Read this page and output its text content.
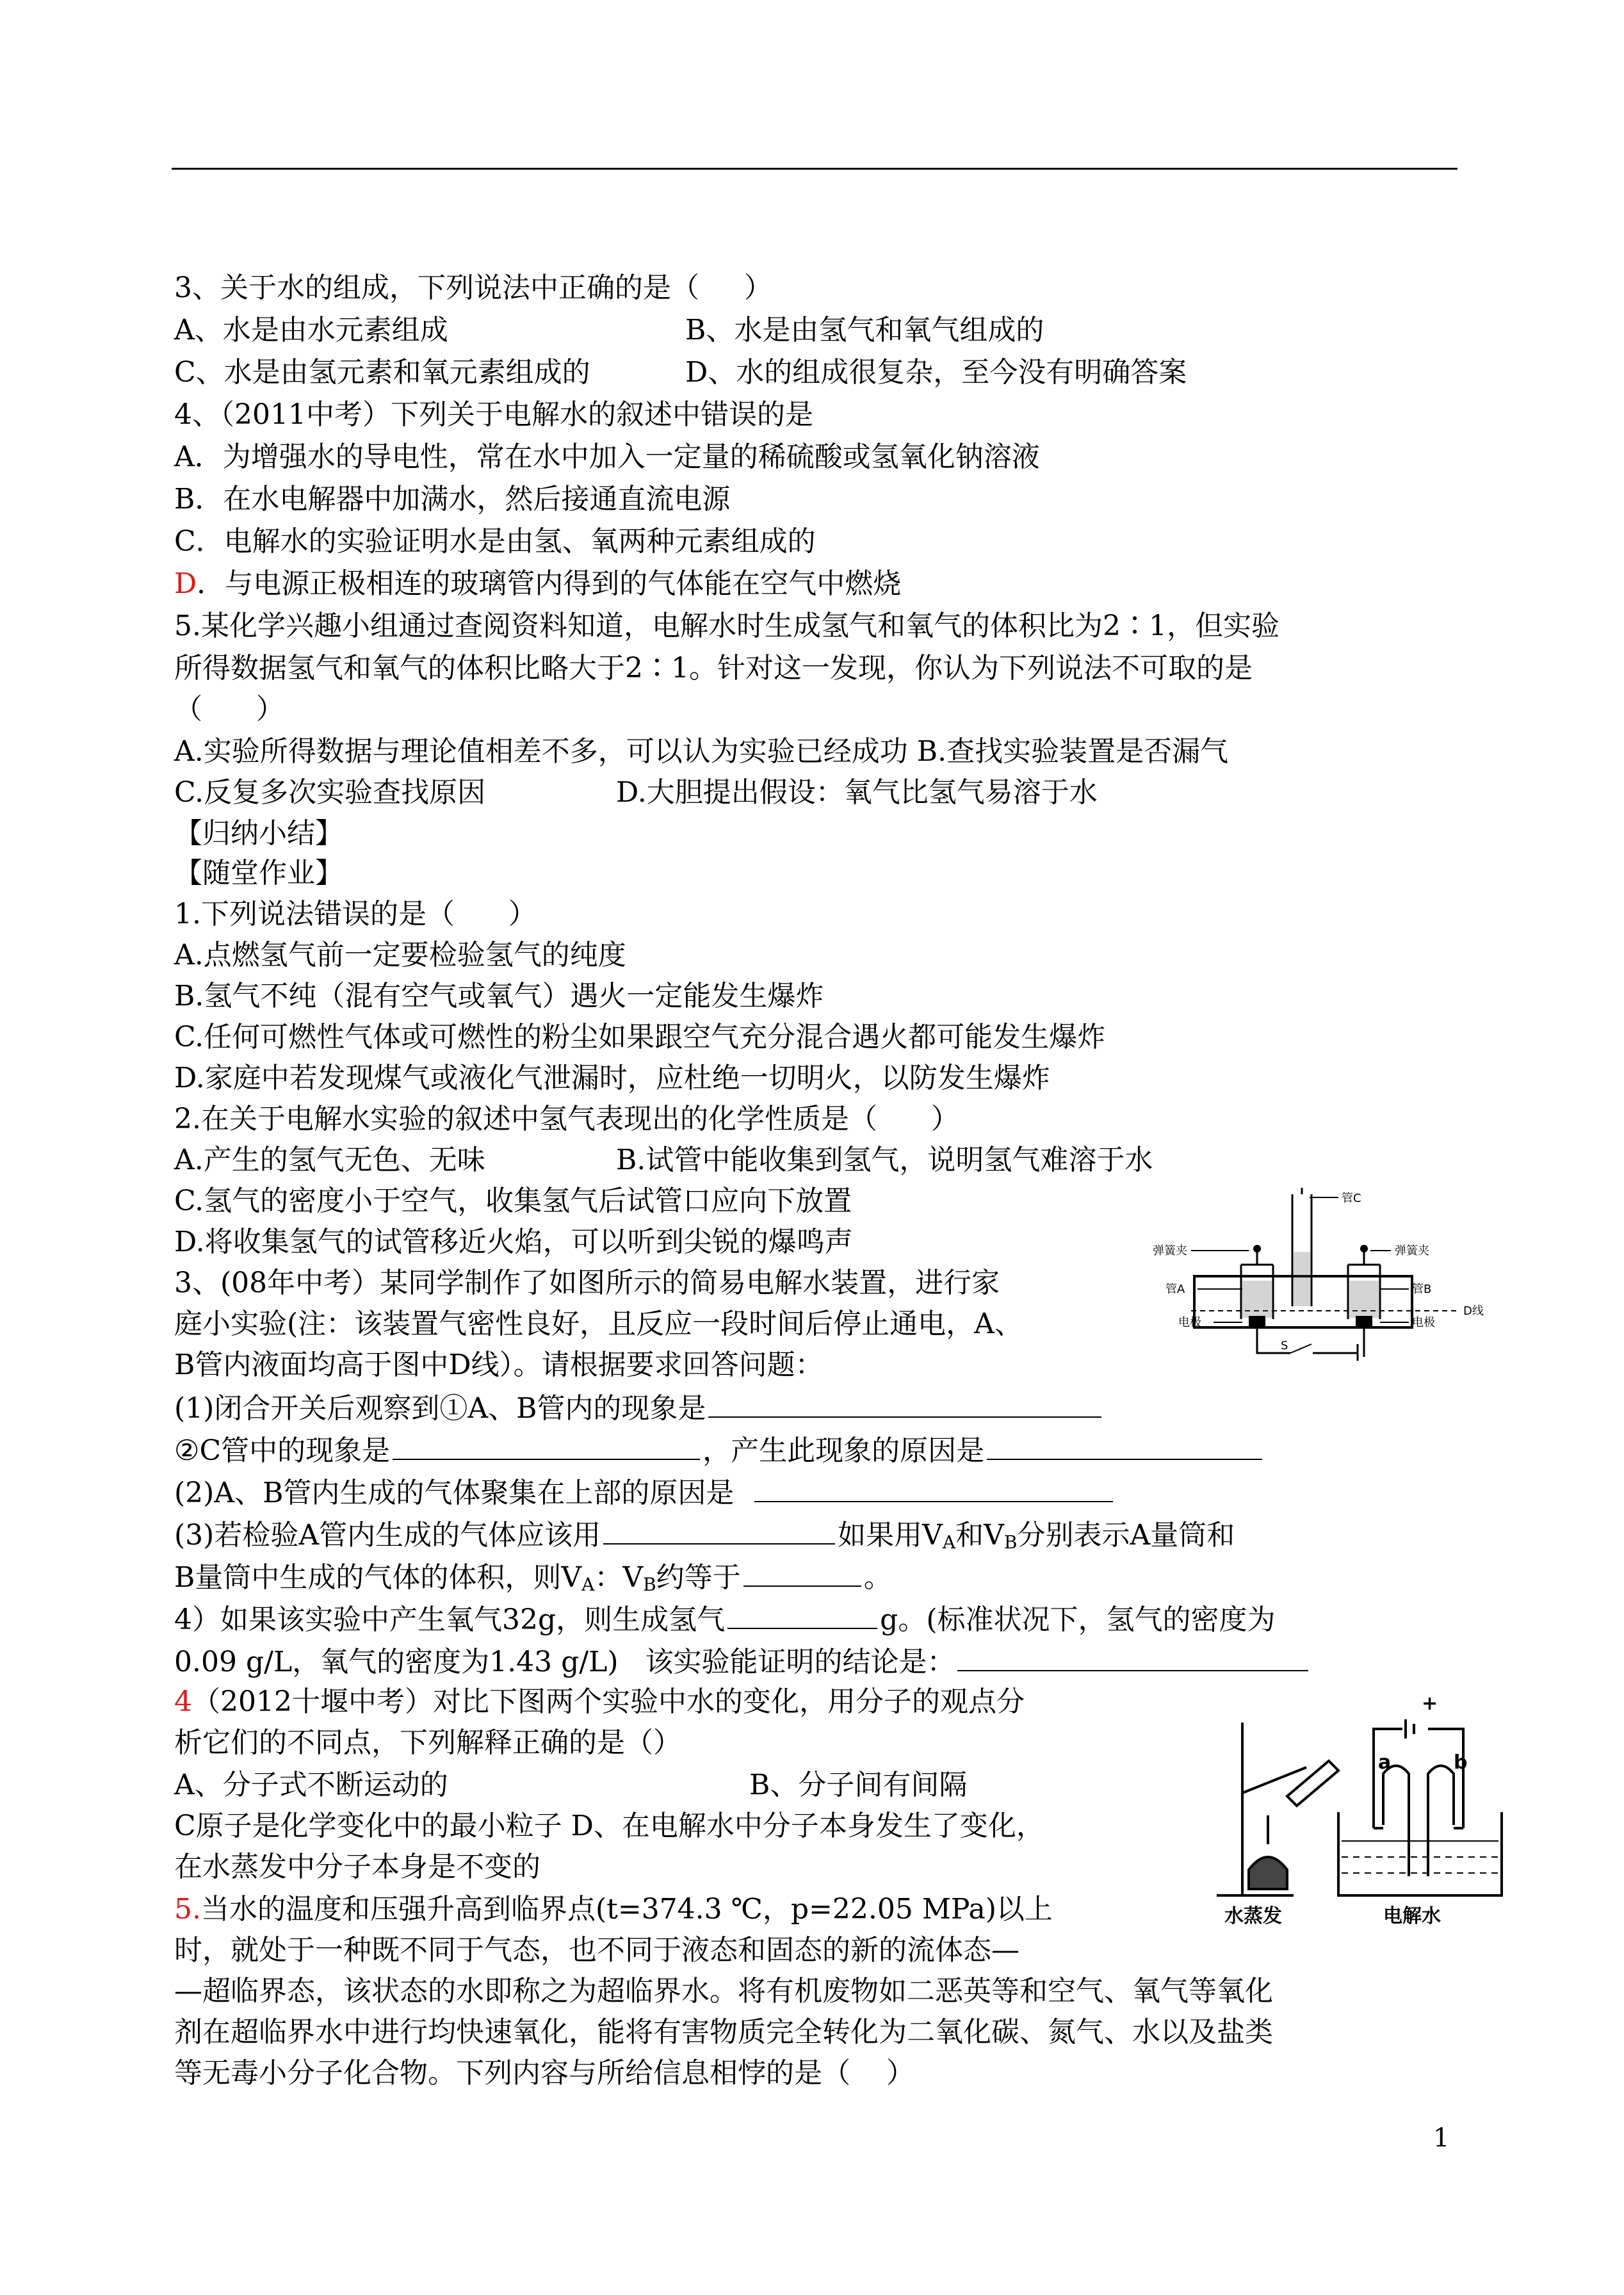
3、关于水的组成，下列说法中正确的是（     ）
A、水是由水元素组成	B、水是由氢气和氧气组成的
C、水是由氢元素和氧元素组成的	D、水的组成很复杂，至今没有明确答案
4、（2011中考）下列关于电解水的叙述中错误的是
A．为增强水的导电性，常在水中加入一定量的稀硫酸或氢氧化钠溶液
B．在水电解器中加满水，然后接通直流电源
C．电解水的实验证明水是由氢、氧两种元素组成的
D．与电源正极相连的玻璃管内得到的气体能在空气中燃烧
5.某化学兴趣小组通过查阅资料知道，电解水时生成氢气和氧气的体积比为2∶1，但实验
所得数据氢气和氧气的体积比略大于2∶1。针对这一发现，你认为下列说法不可取的是
（      ）
A.实验所得数据与理论值相差不多，可以认为实验已经成功 B.查找实验装置是否漏气
C.反复多次实验查找原因	D.大胆提出假设：氧气比氢气易溶于水
【归纳小结】
【随堂作业】
1.下列说法错误的是（      ）
A.点燃氢气前一定要检验氢气的纯度
B.氢气不纯（混有空气或氧气）遇火一定能发生爆炸
C.任何可燃性气体或可燃性的粉尘如果跟空气充分混合遇火都可能发生爆炸
D.家庭中若发现煤气或液化气泄漏时，应杜绝一切明火，以防发生爆炸
2.在关于电解水实验的叙述中氢气表现出的化学性质是（      ）
A.产生的氢气无色、无味	B.试管中能收集到氢气，说明氢气难溶于水
C.氢气的密度小于空气，收集氢气后试管口应向下放置
D.将收集氢气的试管移近火焰，可以听到尖锐的爆鸣声
3、(08年中考）某同学制作了如图所示的简易电解水装置，进行家
庭小实验(注：该装置气密性良好，且反应一段时间后停止通电，A、
B管内液面均高于图中D线）。请根据要求回答问题：
(1)闭合开关后观察到①A、B管内的现象是
②C管中的现象是	，产生此现象的原因是
(2)A、B管内生成的气体聚集在上部的原因是
(3)若检验A管内生成的气体应该用	如果用$V_A$和$V_B$分别表示A量筒和
B量筒中生成的气体的体积，则$V_A$：$V_B$约等于	。
4）如果该实验中产生氧气32g，则生成氢气	g。(标准状况下，氢气的密度为
0.09 g/L，氧气的密度为1.43 g/L)   该实验能证明的结论是：
4（2012十堰中考）对比下图两个实验中水的变化，用分子的观点分
析它们的不同点，下列解释正确的是（）
A、分子式不断运动的	B、分子间有间隔
C原子是化学变化中的最小粒子 D、在电解水中分子本身发生了变化，
在水蒸发中分子本身是不变的
5.当水的温度和压强升高到临界点(t=374.3 ℃，p=22.05 MPa)以上
时，就处于一种既不同于气态，也不同于液态和固态的新的流体态—
—超临界态，该状态的水即称之为超临界水。将有机废物如二恶英等和空气、氧气等氧化
剂在超临界水中进行均快速氧化，能将有害物质完全转化为二氧化碳、氮气、水以及盐类
等无毒小分子化合物。下列内容与所给信息相悖的是（    ）
1
管C
弹簧夹	弹簧夹
管A	管B
D线
电极	电极
S
水蒸发	电解水
+
a	b
